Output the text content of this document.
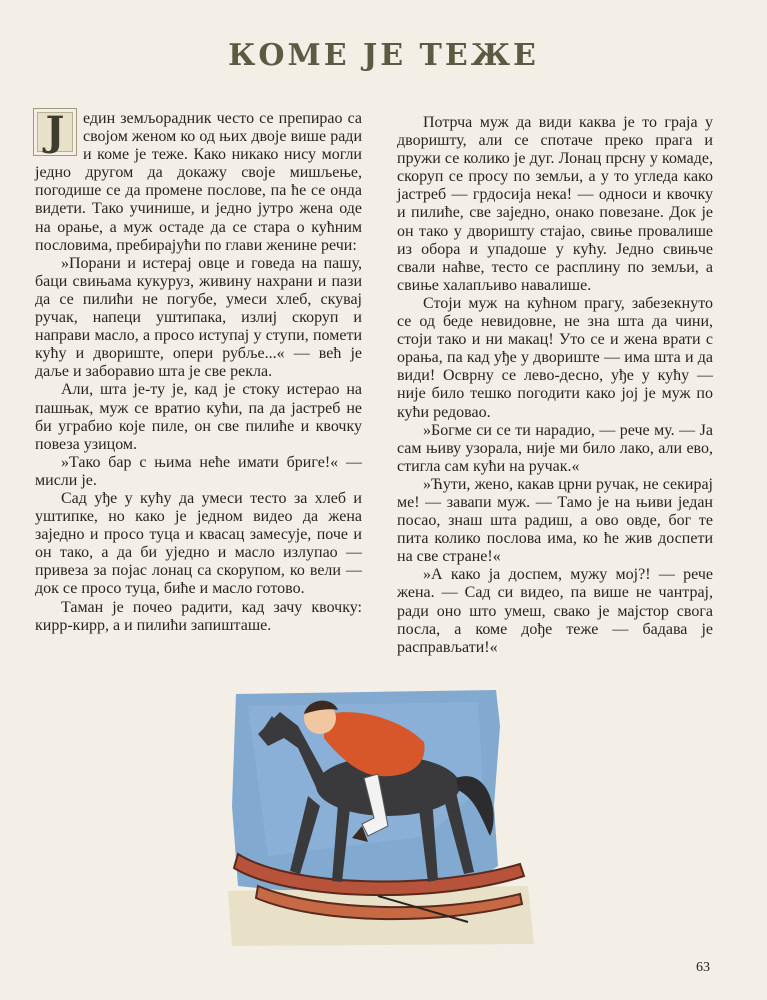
КОМЕ ЈЕ ТЕЖЕ

Ј	един земљорадник често се препирао са својом женом ко од њих двоје више ради и коме је теже. Како никако нису могли једно другом да докажу своје мишљење, погодише се да промене послове, па ће се онда видети. Тако учинише, и једно јутро жена оде на орање, а муж остаде да се стара о кућним пословима, пребирајући по глави женине речи:

»Порани и истерај овце и говеда на пашу, баци свињама кукуруз, живину нахрани и пази да се пилићи не погубе, умеси хлеб, скувај ручак, напеци уштипака, излиј скоруп и направи масло, а просо иступај у ступи, помети кућу и двориште, опери рубље...« — већ је даље и заборавио шта је све рекла.

Али, шта је-ту је, кад је стоку истерао на пашњак, муж се вратио кући, па да јастреб не би уграбио које пиле, он све пилиће и квочку повеза узицом.

»Тако бар с њима неће имати бриге!« — мисли је.

Сад уђе у кућу да умеси тесто за хлеб и уштипке, но како је једном видео да жена заједно и просо туца и квасац замесује, поче и он тако, а да би уједно и масло излупао — привеза за појас лонац са скорупом, ко вели — док се просо туца, биће и масло готово.

Таман је почео радити, кад зачу квочку: кирр-кирр, а и пилићи запишташе.

Потрча муж да види каква је то граја у дворишту, али се спотаче преко прага и пружи се колико је дуг. Лонац прсну у комаде, скоруп се просу по земљи, а у то угледа како јастреб — грдосија нека! — односи и квочку и пилиће, све заједно, онако повезане. Док је он тако у дворишту стајао, свиње провалише из обора и упадоше у кућу. Једно свињче свали наћве, тесто се расплину по земљи, а свиње халапљиво навалише.

Стоји муж на кућном прагу, забезекнуто се од беде невидовне, не зна шта да чини, стоји тако и ни макац! Уто се и жена врати с орања, па кад уђе у двориште — има шта и да види! Осврну се лево-десно, уђе у кућу — није било тешко погодити како јој је муж по кући редовао.

»Богме си се ти нарадио, — рече му. — Ја сам њиву узорала, није ми било лако, али ево, стигла сам кући на ручак.«

»Ћути, жено, какав црни ручак, не секирај ме! — завапи муж. — Тамо је на њиви један посао, знаш шта радиш, а ово овде, бог те пита колико послова има, ко ће жив доспети на све стране!«

»А како ја доспем, мужу мој?! — рече жена. — Сад си видео, па више не чантрај, ради оно што умеш, свако је мајстор свога посла, а коме дође теже — бадава је расправљати!«

63
